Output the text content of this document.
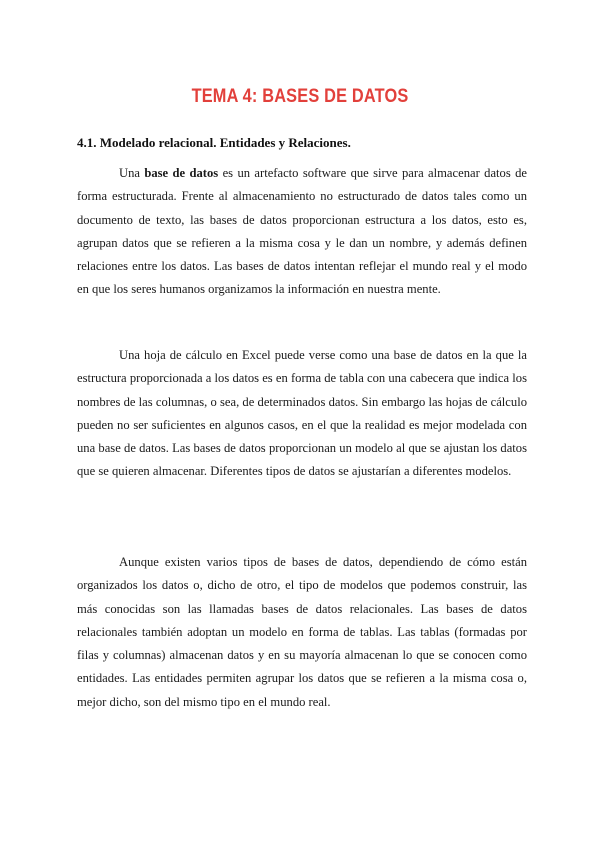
TEMA 4: BASES DE DATOS
4.1. Modelado relacional. Entidades y Relaciones.

Una base de datos es un artefacto software que sirve para almacenar datos de forma estructurada. Frente al almacenamiento no estructurado de datos tales como un documento de texto, las bases de datos proporcionan estructura a los datos, esto es, agrupan datos que se refieren a la misma cosa y le dan un nombre, y además definen relaciones entre los datos. Las bases de datos intentan reflejar el mundo real y el modo en que los seres humanos organizamos la información en nuestra mente.

Una hoja de cálculo en Excel puede verse como una base de datos en la que la estructura proporcionada a los datos es en forma de tabla con una cabecera que indica los nombres de las columnas, o sea, de determinados datos. Sin embargo las hojas de cálculo pueden no ser suficientes en algunos casos, en el que la realidad es mejor modelada con una base de datos. Las bases de datos proporcionan un modelo al que se ajustan los datos que se quieren almacenar. Diferentes tipos de datos se ajustarían a diferentes modelos.

Aunque existen varios tipos de bases de datos, dependiendo de cómo están organizados los datos o, dicho de otro, el tipo de modelos que podemos construir, las más conocidas son las llamadas bases de datos relacionales. Las bases de datos relacionales también adoptan un modelo en forma de tablas. Las tablas (formadas por filas y columnas) almacenan datos y en su mayoría almacenan lo que se conocen como entidades. Las entidades permiten agrupar los datos que se refieren a la misma cosa o, mejor dicho, son del mismo tipo en el mundo real.
